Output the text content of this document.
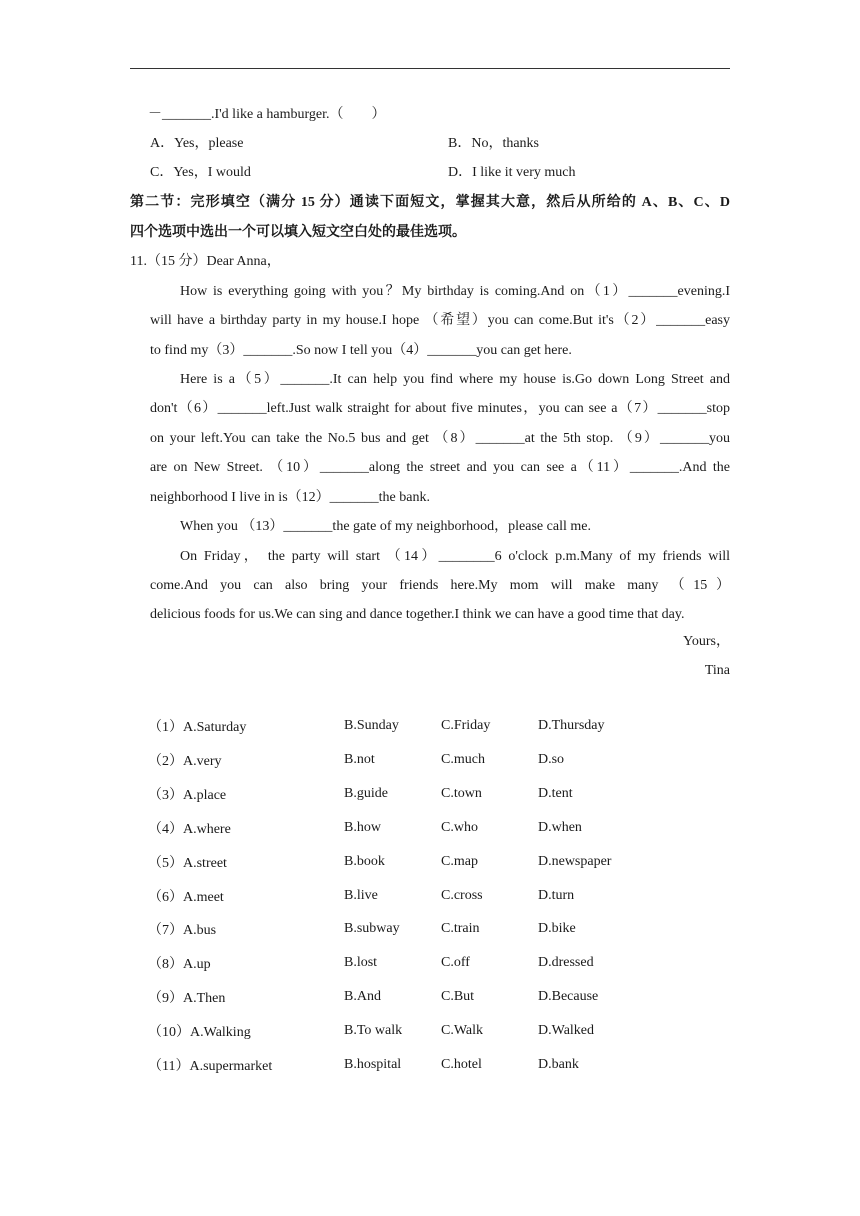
－_______.I'd like a hamburger.（　　）
A．Yes，please	B．No，thanks
C．Yes，I would	D．I like it very much
第二节：完形填空（满分 15 分）通读下面短文，掌握其大意，然后从所给的 A、B、C、D
四个选项中选出一个可以填入短文空白处的最佳选项。
11.（15 分）Dear Anna，
How is everything going with you？My birthday is coming.And on（1）_______evening.I
will have a birthday party in my house.I hope （希望）you can come.But it's（2）_______easy
to find my（3）_______.So now I tell you（4）_______you can get here.
Here is a（5）_______.It can help you find where my house is.Go down Long Street and
don't（6）_______left.Just walk straight for about five minutes，you can see a（7）_______stop
on your left.You can take the No.5 bus and get （8）_______at the 5th stop. （9）_______you
are on New Street. （10）_______along the street and you can see a（11）_______.And the
neighborhood I live in is（12）_______the bank.
When you （13）_______the gate of my neighborhood，please call me.
On Friday， the party will start （14）________6 o'clock p.m.Many of my friends will
come.And you can also bring your friends here.My mom will make many （15）
delicious foods for us.We can sing and dance together.I think we can have a good time that day.
Yours，
Tina
（1）A.Saturday	B.Sunday	C.Friday	D.Thursday
（2）A.very	B.not	C.much	D.so
（3）A.place	B.guide	C.town	D.tent
（4）A.where	B.how	C.who	D.when
（5）A.street	B.book	C.map	D.newspaper
（6）A.meet	B.live	C.cross	D.turn
（7）A.bus	B.subway	C.train	D.bike
（8）A.up	B.lost	C.off	D.dressed
（9）A.Then	B.And	C.But	D.Because
（10）A.Walking	B.To walk	C.Walk	D.Walked
（11）A.supermarket	B.hospital	C.hotel	D.bank
